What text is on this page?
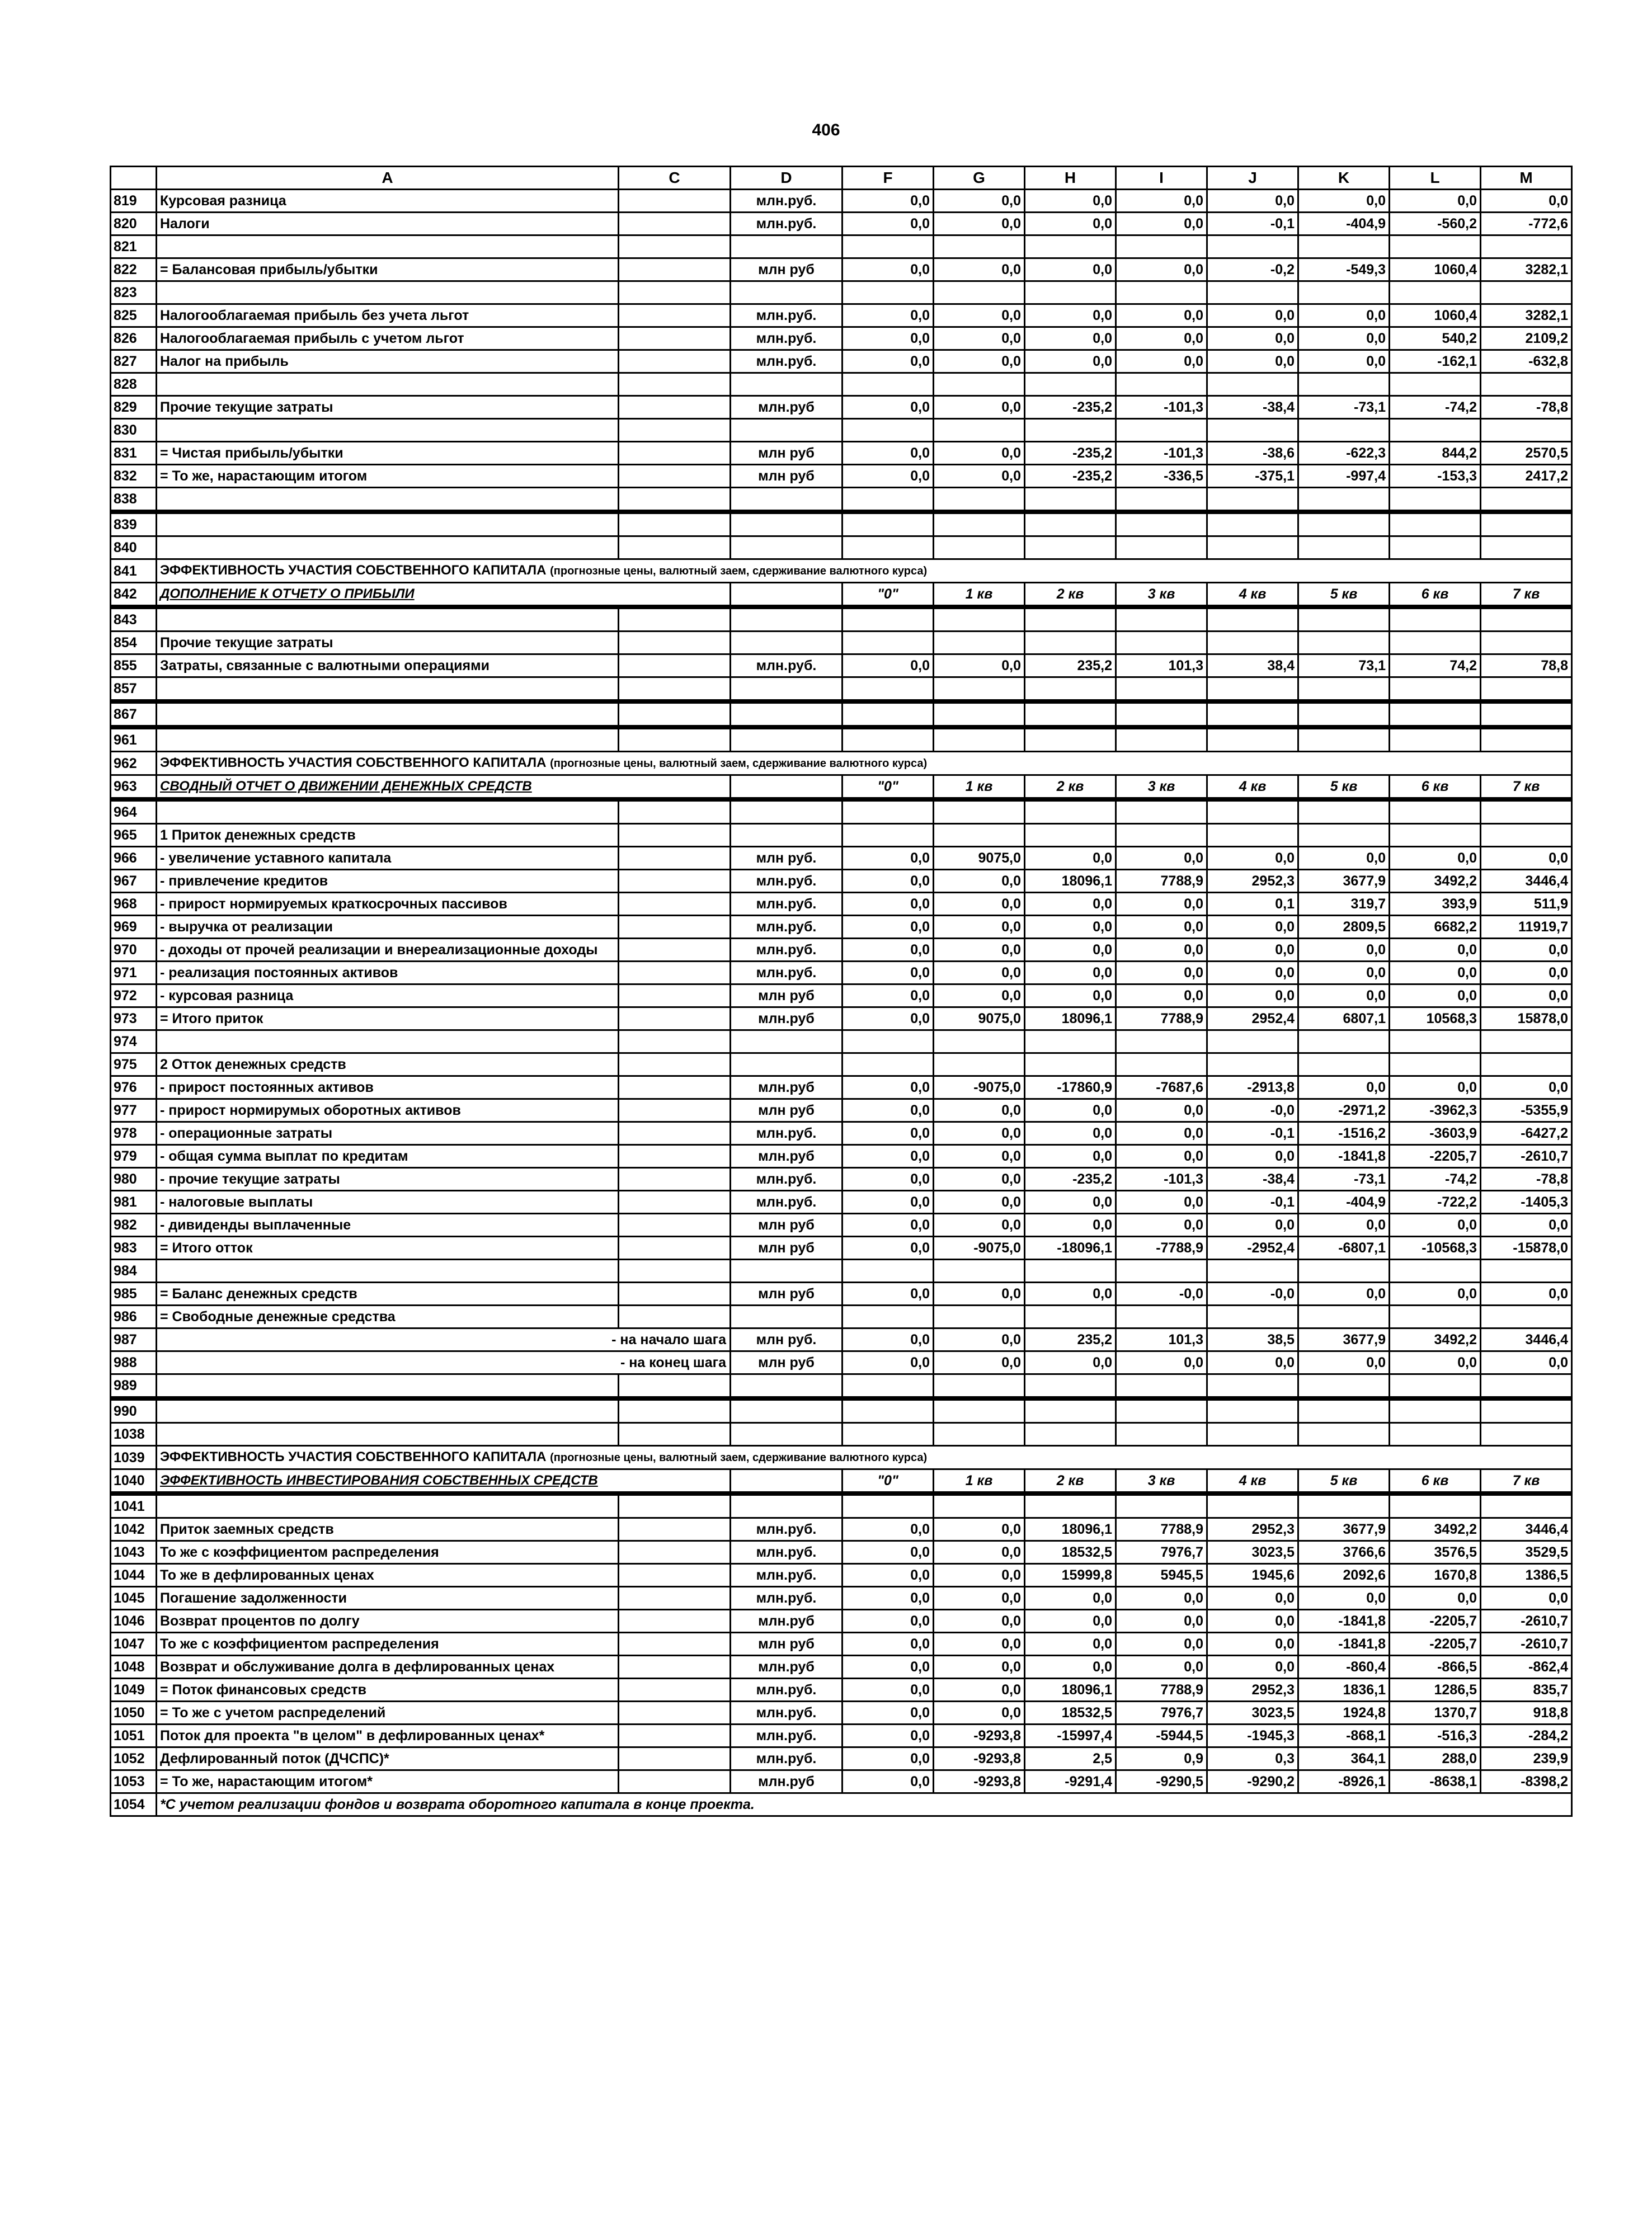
406
	A	C	D	F	G	H	I	J	K	L	M
819	Курсовая разница		млн.руб.	0,0	0,0	0,0	0,0	0,0	0,0	0,0	0,0
820	Налоги		млн.руб.	0,0	0,0	0,0	0,0	-0,1	-404,9	-560,2	-772,6
821											
822	= Балансовая прибыль/убытки		млн руб	0,0	0,0	0,0	0,0	-0,2	-549,3	1060,4	3282,1
823											
825	Налогооблагаемая прибыль без учета льгот		млн.руб.	0,0	0,0	0,0	0,0	0,0	0,0	1060,4	3282,1
826	Налогооблагаемая прибыль с учетом льгот		млн.руб.	0,0	0,0	0,0	0,0	0,0	0,0	540,2	2109,2
827	Налог на прибыль		млн.руб.	0,0	0,0	0,0	0,0	0,0	0,0	-162,1	-632,8
828											
829	Прочие текущие затраты		млн.руб	0,0	0,0	-235,2	-101,3	-38,4	-73,1	-74,2	-78,8
830											
831	= Чистая прибыль/убытки		млн руб	0,0	0,0	-235,2	-101,3	-38,6	-622,3	844,2	2570,5
832	= То же, нарастающим итогом		млн руб	0,0	0,0	-235,2	-336,5	-375,1	-997,4	-153,3	2417,2
838											
839											
840											
841	ЭФФЕКТИВНОСТЬ УЧАСТИЯ СОБСТВЕННОГО КАПИТАЛА (прогнозные цены, валютный заем, сдерживание валютного курса)										
842	ДОПОЛНЕНИЕ К ОТЧЕТУ О ПРИБЫЛИ			"0"	1 кв	2 кв	3 кв	4 кв	5 кв	6 кв	7 кв
843											
854	Прочие текущие затраты										
855	Затраты, связанные с валютными операциями		млн.руб.	0,0	0,0	235,2	101,3	38,4	73,1	74,2	78,8
857											
867											
961											
962	ЭФФЕКТИВНОСТЬ УЧАСТИЯ СОБСТВЕННОГО КАПИТАЛА (прогнозные цены, валютный заем, сдерживание валютного курса)										
963	СВОДНЫЙ ОТЧЕТ О ДВИЖЕНИИ ДЕНЕЖНЫХ СРЕДСТВ			"0"	1 кв	2 кв	3 кв	4 кв	5 кв	6 кв	7 кв
964											
965	1 Приток денежных средств										
966	- увеличение уставного капитала		млн руб.	0,0	9075,0	0,0	0,0	0,0	0,0	0,0	0,0
967	- привлечение кредитов		млн.руб.	0,0	0,0	18096,1	7788,9	2952,3	3677,9	3492,2	3446,4
968	- прирост нормируемых краткосрочных пассивов		млн.руб.	0,0	0,0	0,0	0,0	0,1	319,7	393,9	511,9
969	- выручка от реализации		млн.руб.	0,0	0,0	0,0	0,0	0,0	2809,5	6682,2	11919,7
970	- доходы от прочей реализации и внереализационные доходы		млн.руб.	0,0	0,0	0,0	0,0	0,0	0,0	0,0	0,0
971	- реализация постоянных активов		млн.руб.	0,0	0,0	0,0	0,0	0,0	0,0	0,0	0,0
972	- курсовая разница		млн руб	0,0	0,0	0,0	0,0	0,0	0,0	0,0	0,0
973	= Итого приток		млн.руб	0,0	9075,0	18096,1	7788,9	2952,4	6807,1	10568,3	15878,0
974											
975	2 Отток денежных средств										
976	- прирост постоянных активов		млн.руб	0,0	-9075,0	-17860,9	-7687,6	-2913,8	0,0	0,0	0,0
977	- прирост нормирумых оборотных активов		млн руб	0,0	0,0	0,0	0,0	-0,0	-2971,2	-3962,3	-5355,9
978	- операционные затраты		млн.руб.	0,0	0,0	0,0	0,0	-0,1	-1516,2	-3603,9	-6427,2
979	- общая сумма выплат по кредитам		млн.руб	0,0	0,0	0,0	0,0	0,0	-1841,8	-2205,7	-2610,7
980	- прочие текущие затраты		млн.руб.	0,0	0,0	-235,2	-101,3	-38,4	-73,1	-74,2	-78,8
981	- налоговые выплаты		млн.руб.	0,0	0,0	0,0	0,0	-0,1	-404,9	-722,2	-1405,3
982	- дивиденды выплаченные		млн руб	0,0	0,0	0,0	0,0	0,0	0,0	0,0	0,0
983	= Итого отток		млн руб	0,0	-9075,0	-18096,1	-7788,9	-2952,4	-6807,1	-10568,3	-15878,0
984											
985	= Баланс денежных средств		млн руб	0,0	0,0	0,0	-0,0	-0,0	0,0	0,0	0,0
986	= Свободные денежные средства										
987	- на начало шага		млн руб.	0,0	0,0	235,2	101,3	38,5	3677,9	3492,2	3446,4
988	- на конец шага		млн руб	0,0	0,0	0,0	0,0	0,0	0,0	0,0	0,0
989											
990											
1038											
1039	ЭФФЕКТИВНОСТЬ УЧАСТИЯ СОБСТВЕННОГО КАПИТАЛА (прогнозные цены, валютный заем, сдерживание валютного курса)										
1040	ЭФФЕКТИВНОСТЬ ИНВЕСТИРОВАНИЯ СОБСТВЕННЫХ СРЕДСТВ			"0"	1 кв	2 кв	3 кв	4 кв	5 кв	6 кв	7 кв
1041											
1042	Приток заемных средств		млн.руб.	0,0	0,0	18096,1	7788,9	2952,3	3677,9	3492,2	3446,4
1043	То же с коэффициентом распределения		млн.руб.	0,0	0,0	18532,5	7976,7	3023,5	3766,6	3576,5	3529,5
1044	То же в дефлированных ценах		млн.руб.	0,0	0,0	15999,8	5945,5	1945,6	2092,6	1670,8	1386,5
1045	Погашение задолженности		млн.руб.	0,0	0,0	0,0	0,0	0,0	0,0	0,0	0,0
1046	Возврат процентов по долгу		млн.руб	0,0	0,0	0,0	0,0	0,0	-1841,8	-2205,7	-2610,7
1047	То же с коэффициентом распределения		млн руб	0,0	0,0	0,0	0,0	0,0	-1841,8	-2205,7	-2610,7
1048	Возврат и обслуживание долга в дефлированных ценах		млн.руб	0,0	0,0	0,0	0,0	0,0	-860,4	-866,5	-862,4
1049	= Поток финансовых средств		млн.руб.	0,0	0,0	18096,1	7788,9	2952,3	1836,1	1286,5	835,7
1050	= То же с учетом распределений		млн.руб.	0,0	0,0	18532,5	7976,7	3023,5	1924,8	1370,7	918,8
1051	Поток для проекта "в целом" в дефлированных ценах*		млн.руб.	0,0	-9293,8	-15997,4	-5944,5	-1945,3	-868,1	-516,3	-284,2
1052	Дефлированный поток (ДЧСПС)*		млн.руб.	0,0	-9293,8	2,5	0,9	0,3	364,1	288,0	239,9
1053	= То же, нарастающим итогом*		млн.руб	0,0	-9293,8	-9291,4	-9290,5	-9290,2	-8926,1	-8638,1	-8398,2
1054	*С учетом реализации фондов и возврата оборотного капитала в конце проекта.										
